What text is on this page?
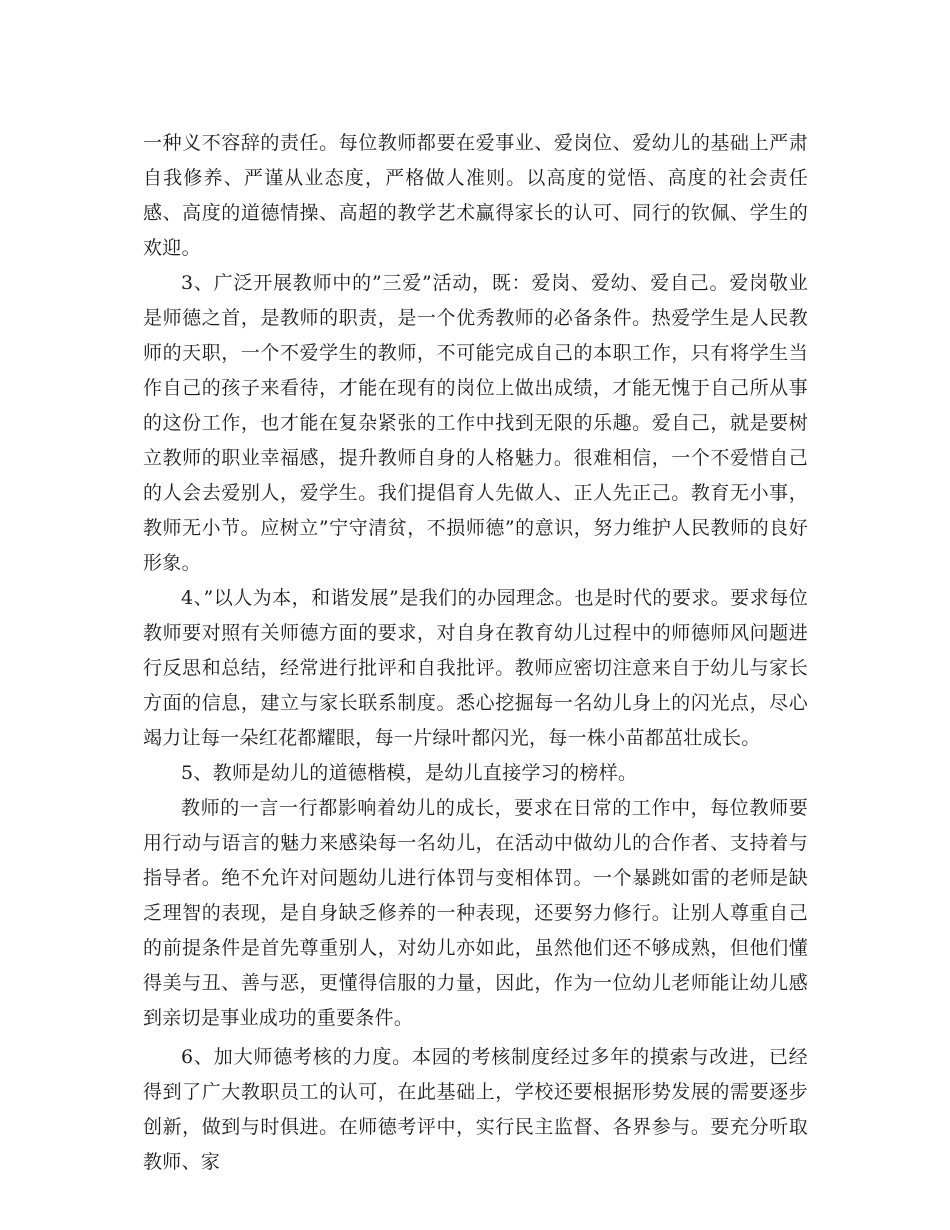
一种义不容辞的责任。每位教师都要在爱事业、爱岗位、爱幼儿的基础上严肃自我修养、严谨从业态度，严格做人准则。以高度的觉悟、高度的社会责任感、高度的道德情操、高超的教学艺术赢得家长的认可、同行的钦佩、学生的欢迎。

3、广泛开展教师中的”三爱”活动，既：爱岗、爱幼、爱自己。爱岗敬业是师德之首，是教师的职责，是一个优秀教师的必备条件。热爱学生是人民教师的天职，一个不爱学生的教师，不可能完成自己的本职工作，只有将学生当作自己的孩子来看待，才能在现有的岗位上做出成绩，才能无愧于自己所从事的这份工作，也才能在复杂紧张的工作中找到无限的乐趣。爱自己，就是要树立教师的职业幸福感，提升教师自身的人格魅力。很难相信，一个不爱惜自己的人会去爱别人，爱学生。我们提倡育人先做人、正人先正己。教育无小事，教师无小节。应树立”宁守清贫，不损师德”的意识，努力维护人民教师的良好形象。

4、”以人为本，和谐发展”是我们的办园理念。也是时代的要求。要求每位教师要对照有关师德方面的要求，对自身在教育幼儿过程中的师德师风问题进行反思和总结，经常进行批评和自我批评。教师应密切注意来自于幼儿与家长方面的信息，建立与家长联系制度。悉心挖掘每一名幼儿身上的闪光点，尽心竭力让每一朵红花都耀眼，每一片绿叶都闪光，每一株小苗都茁壮成长。

5、教师是幼儿的道德楷模，是幼儿直接学习的榜样。

教师的一言一行都影响着幼儿的成长，要求在日常的工作中，每位教师要用行动与语言的魅力来感染每一名幼儿，在活动中做幼儿的合作者、支持着与指导者。绝不允许对问题幼儿进行体罚与变相体罚。一个暴跳如雷的老师是缺乏理智的表现，是自身缺乏修养的一种表现，还要努力修行。让别人尊重自己的前提条件是首先尊重别人，对幼儿亦如此，虽然他们还不够成熟，但他们懂得美与丑、善与恶，更懂得信服的力量，因此，作为一位幼儿老师能让幼儿感到亲切是事业成功的重要条件。

6、加大师德考核的力度。本园的考核制度经过多年的摸索与改进，已经得到了广大教职员工的认可，在此基础上，学校还要根据形势发展的需要逐步创新，做到与时俱进。在师德考评中，实行民主监督、各界参与。要充分听取教师、家
